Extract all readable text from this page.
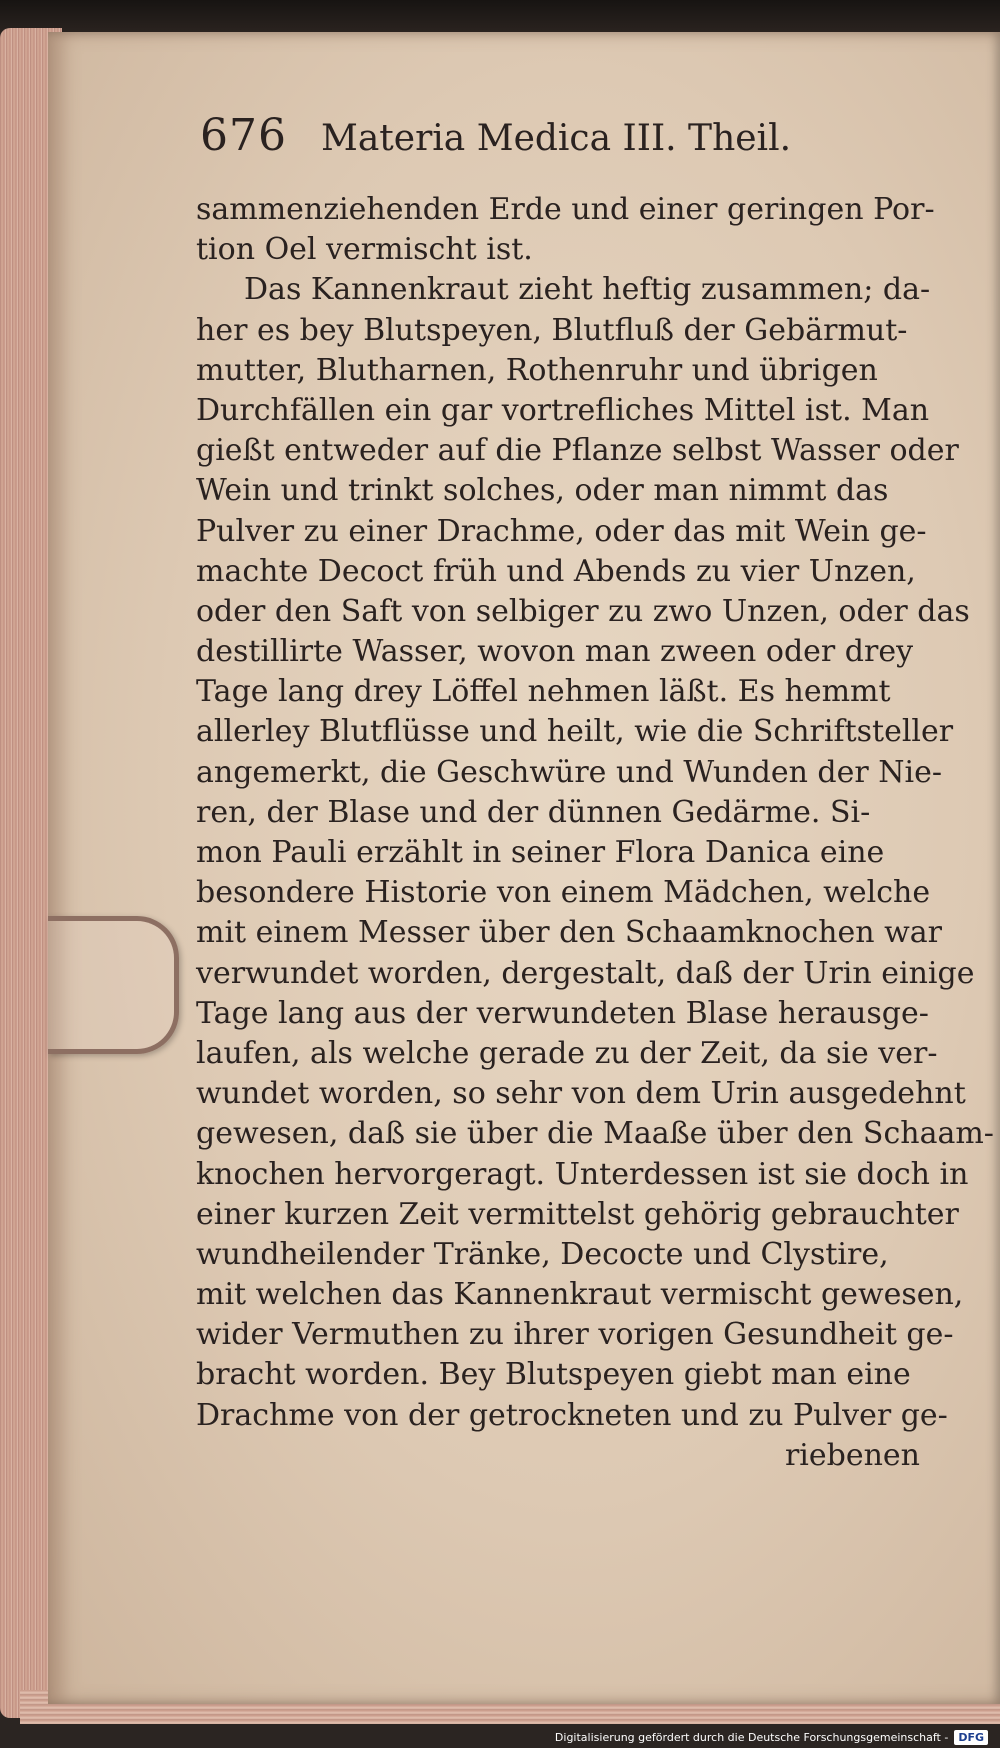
676 Materia Medica III. Theil.
sammenziehenden Erde und einer geringen Por-
tion Oel vermischt ist.
Das Kannenkraut zieht heftig zusammen; da-
her es bey Blutspeyen, Blutfluß der Gebärmut-
mutter, Blutharnen, Rothenruhr und übrigen
Durchfällen ein gar vortrefliches Mittel ist. Man
gießt entweder auf die Pflanze selbst Wasser oder
Wein und trinkt solches, oder man nimmt das
Pulver zu einer Drachme, oder das mit Wein ge-
machte Decoct früh und Abends zu vier Unzen,
oder den Saft von selbiger zu zwo Unzen, oder das
destillirte Wasser, wovon man zween oder drey
Tage lang drey Löffel nehmen läßt. Es hemmt
allerley Blutflüsse und heilt, wie die Schriftsteller
angemerkt, die Geschwüre und Wunden der Nie-
ren, der Blase und der dünnen Gedärme. Si-
mon Pauli erzählt in seiner Flora Danica eine
besondere Historie von einem Mädchen, welche
mit einem Messer über den Schaamknochen war
verwundet worden, dergestalt, daß der Urin einige
Tage lang aus der verwundeten Blase herausge-
laufen, als welche gerade zu der Zeit, da sie ver-
wundet worden, so sehr von dem Urin ausgedehnt
gewesen, daß sie über die Maaße über den Schaam-
knochen hervorgeragt. Unterdessen ist sie doch in
einer kurzen Zeit vermittelst gehörig gebrauchter
wundheilender Tränke, Decocte und Clystire,
mit welchen das Kannenkraut vermischt gewesen,
wider Vermuthen zu ihrer vorigen Gesundheit ge-
bracht worden. Bey Blutspeyen giebt man eine
Drachme von der getrockneten und zu Pulver ge-
riebenen
Digitalisierung gefördert durch die Deutsche Forschungsgemeinschaft - DFG
